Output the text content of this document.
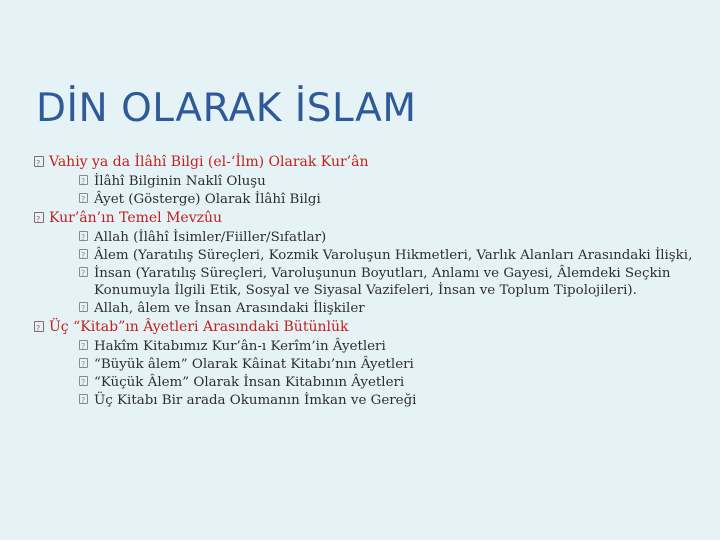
DİN OLARAK İSLAM
?
Vahiy ya da İlâhî Bilgi (el-‘İlm) Olarak Kur’ân
?
İlâhî Bilginin Naklî Oluşu
?
Âyet (Gösterge) Olarak İlâhî Bilgi
?
Kur’ân’ın Temel Mevzûu
?
Allah (İlâhî İsimler/Fiiller/Sıfatlar)
?
Âlem (Yaratılış Süreçleri, Kozmik Varoluşun Hikmetleri, Varlık Alanları Arasındaki İlişki,
?
İnsan (Yaratılış Süreçleri, Varoluşunun Boyutları, Anlamı ve Gayesi, Âlemdeki Seçkin Konumuyla İlgili Etik, Sosyal ve Siyasal Vazifeleri, İnsan ve Toplum Tipolojileri).
?
Allah, âlem ve İnsan Arasındaki İlişkiler
?
Üç “Kitab”ın Âyetleri Arasındaki Bütünlük
?
Hakîm Kitabımız Kur’ân-ı Kerîm’in Âyetleri
?
“Büyük âlem” Olarak Kâinat Kitabı’nın Âyetleri
?
“Küçük Âlem” Olarak İnsan Kitabının Âyetleri
?
Üç Kitabı Bir arada Okumanın İmkan ve Gereği
